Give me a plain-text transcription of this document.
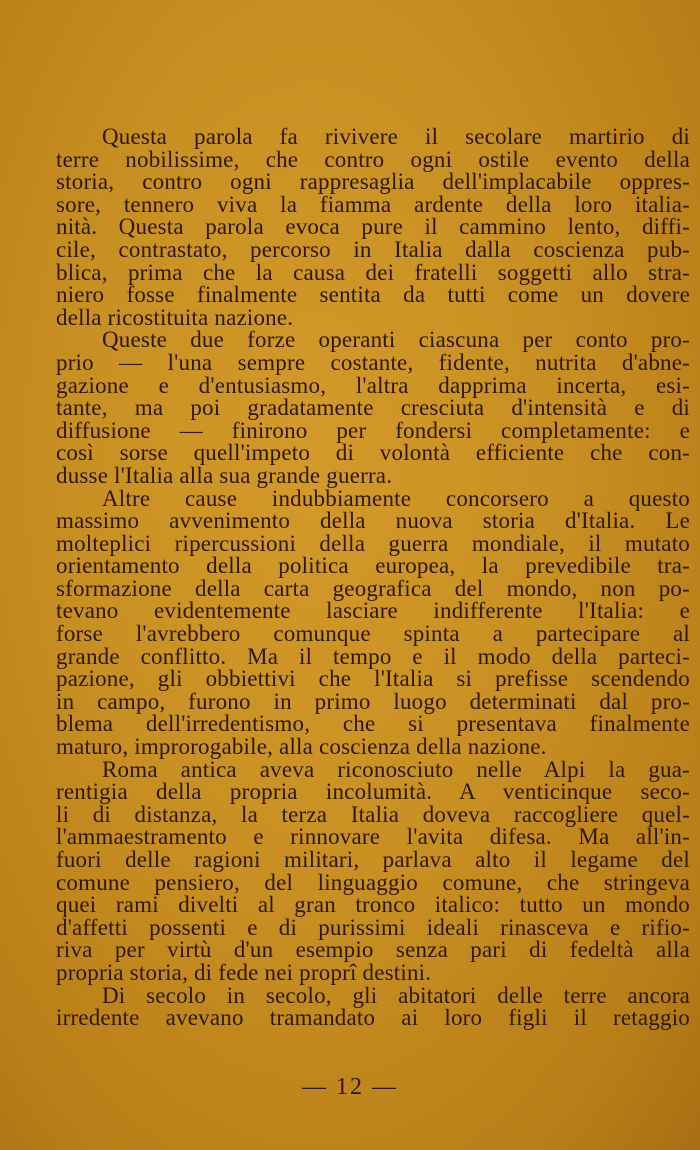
Questa parola fa rivivere il secolare martirio di
terre nobilissime, che contro ogni ostile evento della
storia, contro ogni rappresaglia dell'implacabile oppres-
sore, tennero viva la fiamma ardente della loro italia-
nità. Questa parola evoca pure il cammino lento, diffi-
cile, contrastato, percorso in Italia dalla coscienza pub-
blica, prima che la causa dei fratelli soggetti allo stra-
niero fosse finalmente sentita da tutti come un dovere
della ricostituita nazione.
Queste due forze operanti ciascuna per conto pro-
prio — l'una sempre costante, fidente, nutrita d'abne-
gazione e d'entusiasmo, l'altra dapprima incerta, esi-
tante, ma poi gradatamente cresciuta d'intensità e di
diffusione — finirono per fondersi completamente: e
così sorse quell'impeto di volontà efficiente che con-
dusse l'Italia alla sua grande guerra.
Altre cause indubbiamente concorsero a questo
massimo avvenimento della nuova storia d'Italia. Le
molteplici ripercussioni della guerra mondiale, il mutato
orientamento della politica europea, la prevedibile tra-
sformazione della carta geografica del mondo, non po-
tevano evidentemente lasciare indifferente l'Italia: e
forse l'avrebbero comunque spinta a partecipare al
grande conflitto. Ma il tempo e il modo della parteci-
pazione, gli obbiettivi che l'Italia si prefisse scendendo
in campo, furono in primo luogo determinati dal pro-
blema dell'irredentismo, che si presentava finalmente
maturo, improrogabile, alla coscienza della nazione.
Roma antica aveva riconosciuto nelle Alpi la gua-
rentigia della propria incolumità. A venticinque seco-
li di distanza, la terza Italia doveva raccogliere quel-
l'ammaestramento e rinnovare l'avita difesa. Ma all'in-
fuori delle ragioni militari, parlava alto il legame del
comune pensiero, del linguaggio comune, che stringeva
quei rami divelti al gran tronco italico: tutto un mondo
d'affetti possenti e di purissimi ideali rinasceva e rifio-
riva per virtù d'un esempio senza pari di fedeltà alla
propria storia, di fede nei proprî destini.
Di secolo in secolo, gli abitatori delle terre ancora
irredente avevano tramandato ai loro figli il retaggio
— 12 —
